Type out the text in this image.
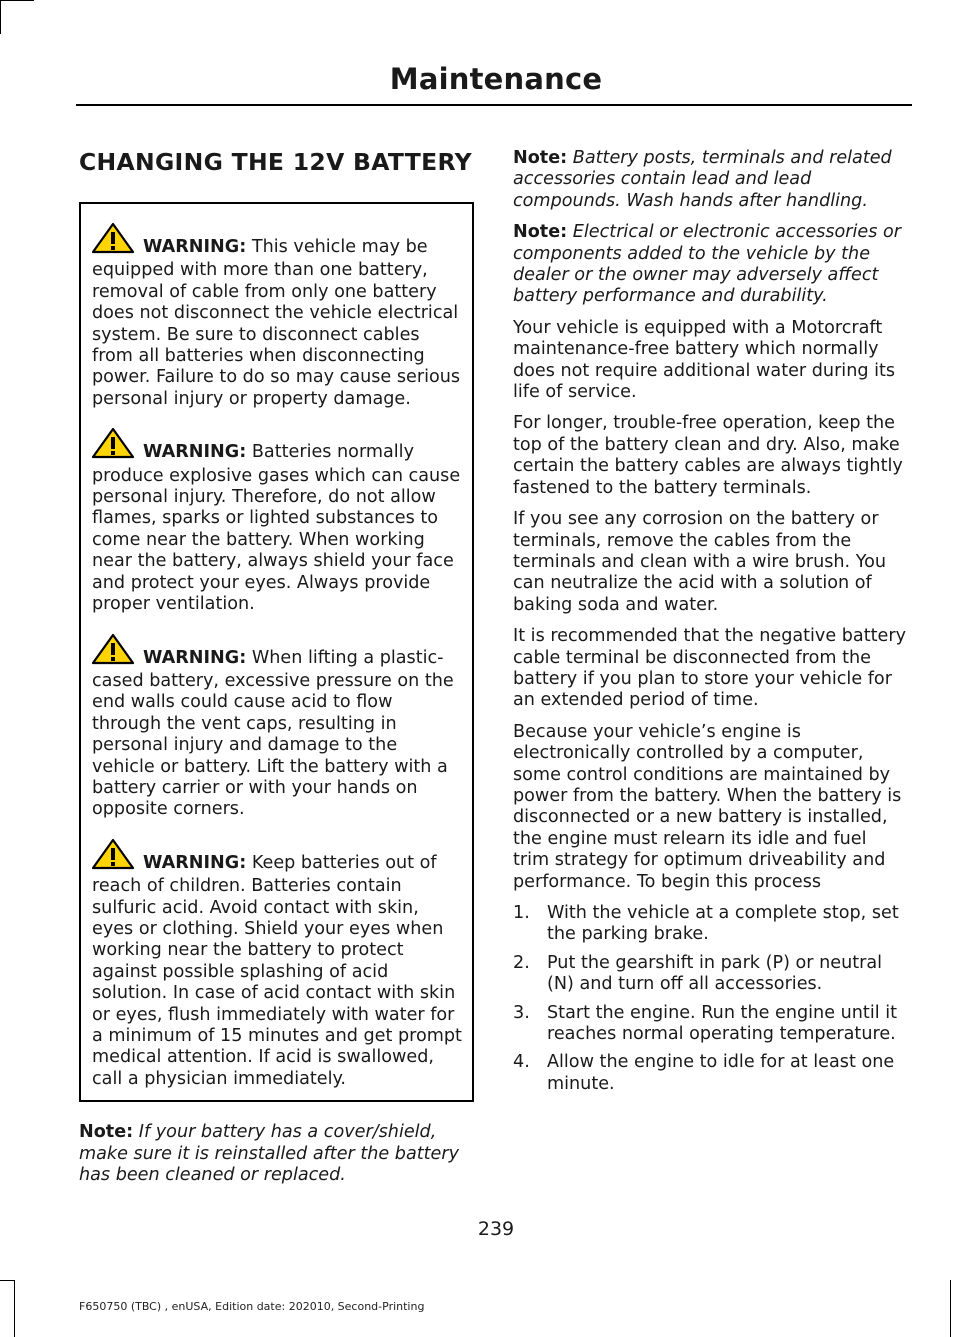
Maintenance
CHANGING THE 12V BATTERY

WARNING: This vehicle may be equipped with more than one battery, removal of cable from only one battery does not disconnect the vehicle electrical system. Be sure to disconnect cables from all batteries when disconnecting power. Failure to do so may cause serious personal injury or property damage.

WARNING: Batteries normally produce explosive gases which can cause personal injury. Therefore, do not allow flames, sparks or lighted substances to come near the battery. When working near the battery, always shield your face and protect your eyes. Always provide proper ventilation.

WARNING: When lifting a plastic-cased battery, excessive pressure on the end walls could cause acid to flow through the vent caps, resulting in personal injury and damage to the vehicle or battery. Lift the battery with a battery carrier or with your hands on opposite corners.

WARNING: Keep batteries out of reach of children. Batteries contain sulfuric acid. Avoid contact with skin, eyes or clothing. Shield your eyes when working near the battery to protect against possible splashing of acid solution. In case of acid contact with skin or eyes, flush immediately with water for a minimum of 15 minutes and get prompt medical attention. If acid is swallowed, call a physician immediately.

Note: If your battery has a cover/shield, make sure it is reinstalled after the battery has been cleaned or replaced.

Note: Battery posts, terminals and related accessories contain lead and lead compounds. Wash hands after handling.

Note: Electrical or electronic accessories or components added to the vehicle by the dealer or the owner may adversely affect battery performance and durability.

Your vehicle is equipped with a Motorcraft maintenance-free battery which normally does not require additional water during its life of service.

For longer, trouble-free operation, keep the top of the battery clean and dry. Also, make certain the battery cables are always tightly fastened to the battery terminals.

If you see any corrosion on the battery or terminals, remove the cables from the terminals and clean with a wire brush. You can neutralize the acid with a solution of baking soda and water.

It is recommended that the negative battery cable terminal be disconnected from the battery if you plan to store your vehicle for an extended period of time.

Because your vehicle’s engine is electronically controlled by a computer, some control conditions are maintained by power from the battery. When the battery is disconnected or a new battery is installed, the engine must relearn its idle and fuel trim strategy for optimum driveability and performance. To begin this process

1. With the vehicle at a complete stop, set the parking brake.
2. Put the gearshift in park (P) or neutral (N) and turn off all accessories.
3. Start the engine. Run the engine until it reaches normal operating temperature.
4. Allow the engine to idle for at least one minute.
239
F650750 (TBC) , enUSA, Edition date: 202010, Second-Printing
